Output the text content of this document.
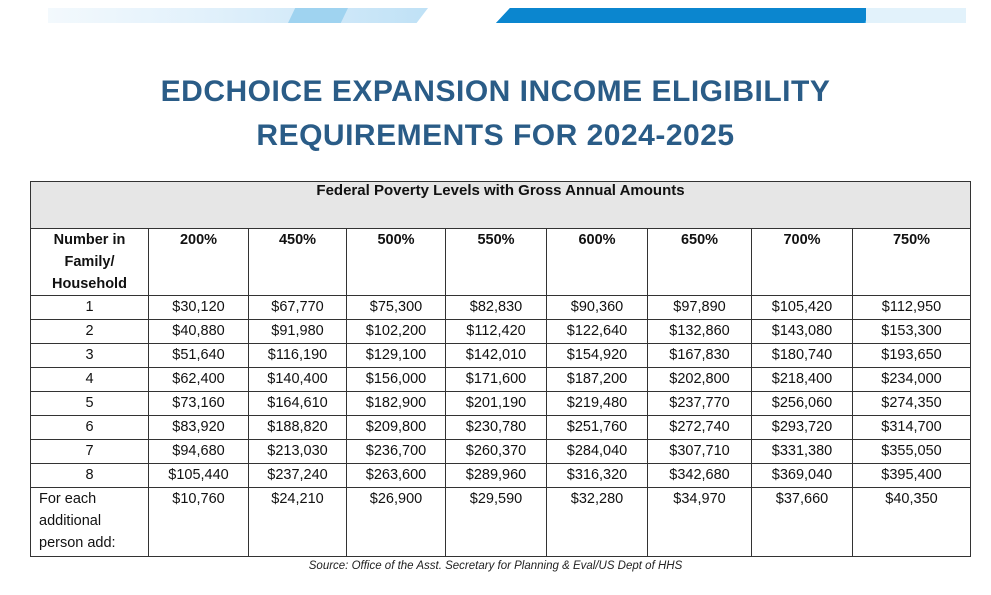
EDCHOICE EXPANSION INCOME ELIGIBILITY
REQUIREMENTS FOR 2024-2025
Federal Poverty Levels with Gross Annual Amounts								
Number in
Family/
Household	200%	450%	500%	550%	600%	650%	700%	750%
1	$30,120	$67,770	$75,300	$82,830	$90,360	$97,890	$105,420	$112,950
2	$40,880	$91,980	$102,200	$112,420	$122,640	$132,860	$143,080	$153,300
3	$51,640	$116,190	$129,100	$142,010	$154,920	$167,830	$180,740	$193,650
4	$62,400	$140,400	$156,000	$171,600	$187,200	$202,800	$218,400	$234,000
5	$73,160	$164,610	$182,900	$201,190	$219,480	$237,770	$256,060	$274,350
6	$83,920	$188,820	$209,800	$230,780	$251,760	$272,740	$293,720	$314,700
7	$94,680	$213,030	$236,700	$260,370	$284,040	$307,710	$331,380	$355,050
8	$105,440	$237,240	$263,600	$289,960	$316,320	$342,680	$369,040	$395,400
For each
additional
person add:	$10,760	$24,210	$26,900	$29,590	$32,280	$34,970	$37,660	$40,350
Source: Office of the Asst. Secretary for Planning & Eval/US Dept of HHS
